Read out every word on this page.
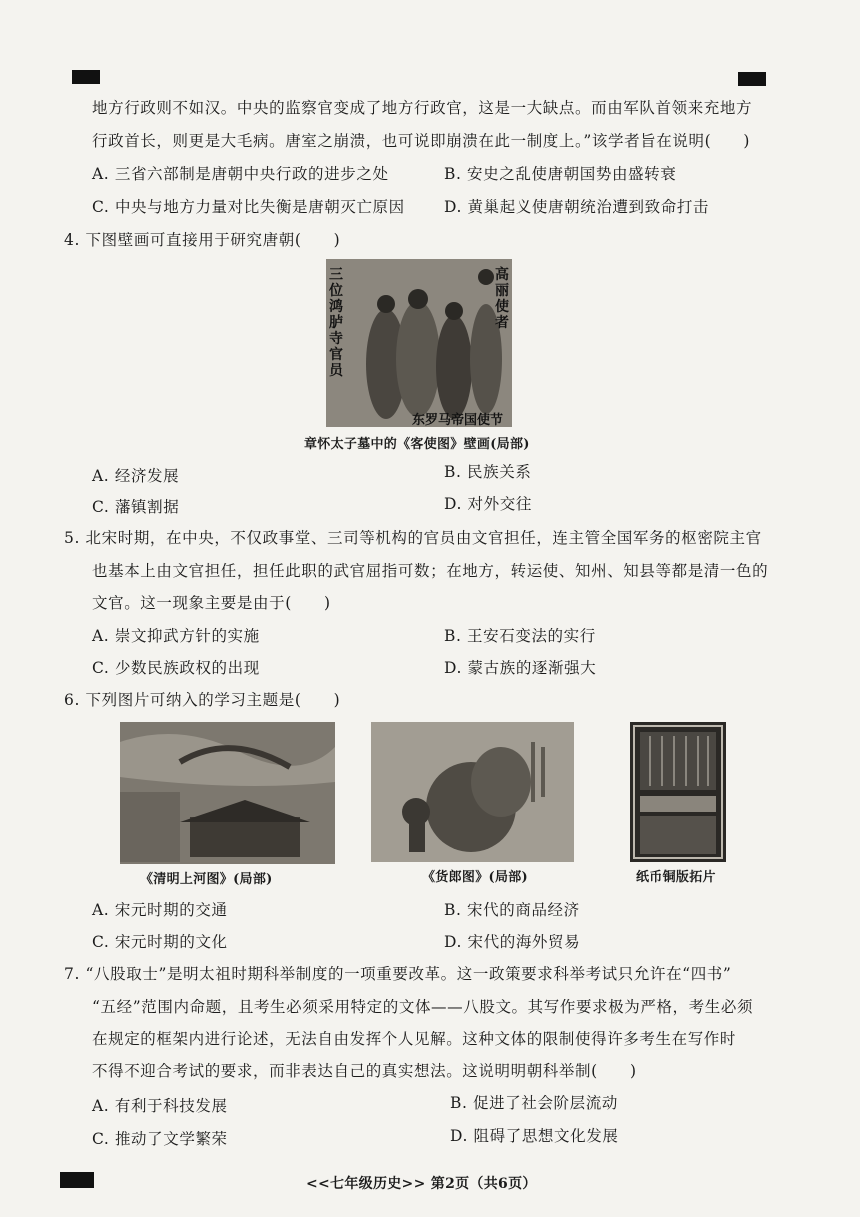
地方行政则不如汉。中央的监察官变成了地方行政官，这是一大缺点。而由军队首领来充地方
行政首长，则更是大毛病。唐室之崩溃，也可说即崩溃在此一制度上。”该学者旨在说明(　　)
A. 三省六部制是唐朝中央行政的进步之处	B. 安史之乱使唐朝国势由盛转衰
C. 中央与地方力量对比失衡是唐朝灭亡原因	D. 黄巢起义使唐朝统治遭到致命打击
4. 下图壁画可直接用于研究唐朝(　　)
三位鸿胪寺官员
高丽使者
东罗马帝国使节
章怀太子墓中的《客使图》壁画(局部)
A. 经济发展	B. 民族关系
C. 藩镇割据	D. 对外交往
5. 北宋时期，在中央，不仅政事堂、三司等机构的官员由文官担任，连主管全国军务的枢密院主官
也基本上由文官担任，担任此职的武官屈指可数；在地方，转运使、知州、知县等都是清一色的
文官。这一现象主要是由于(　　)
A. 崇文抑武方针的实施	B. 王安石变法的实行
C. 少数民族政权的出现	D. 蒙古族的逐渐强大
6. 下列图片可纳入的学习主题是(　　)
《清明上河图》(局部)	《货郎图》(局部)	纸币铜版拓片
A. 宋元时期的交通	B. 宋代的商品经济
C. 宋元时期的文化	D. 宋代的海外贸易
7. “八股取士”是明太祖时期科举制度的一项重要改革。这一政策要求科举考试只允许在“四书”
“五经”范围内命题，且考生必须采用特定的文体——八股文。其写作要求极为严格，考生必须
在规定的框架内进行论述，无法自由发挥个人见解。这种文体的限制使得许多考生在写作时
不得不迎合考试的要求，而非表达自己的真实想法。这说明明朝科举制(　　)
A. 有利于科技发展	B. 促进了社会阶层流动
C. 推动了文学繁荣	D. 阻碍了思想文化发展
<<七年级历史>> 第2页（共6页）
